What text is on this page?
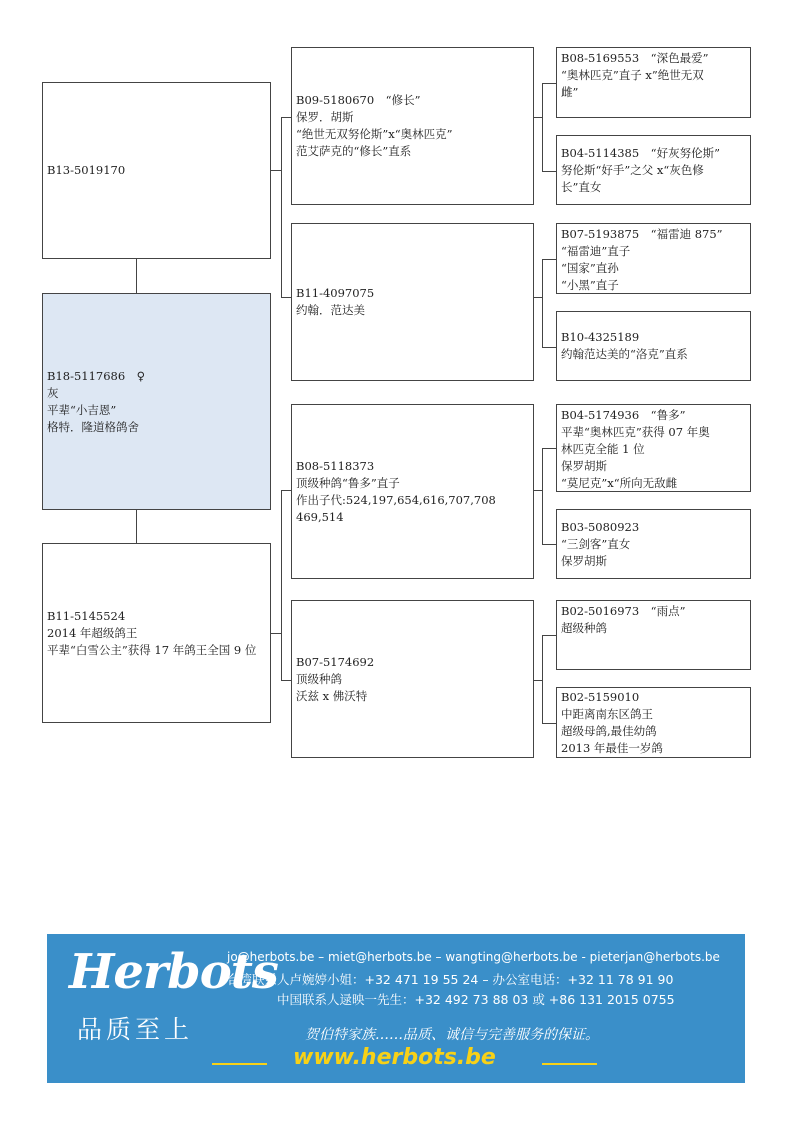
B13-5019170
B18-5117686　♀
灰
平辈“小吉恩”
格特．隆道格鸽舍
B11-5145524
2014 年超级鸽王
平辈“白雪公主”获得 17 年鸽王全国 9 位
B09-5180670　“修长”
保罗．胡斯
“绝世无双努伦斯”x“奥林匹克”
范艾萨克的“修长”直系
B11-4097075
约翰．范达美
B08-5118373
顶级种鸽“鲁多”直子
作出子代:524,197,654,616,707,708
469,514
B07-5174692
顶级种鸽
沃兹 x 佛沃特
B08-5169553　“深色最爱”
“奥林匹克”直子 x”绝世无双
雌”
B04-5114385　“好灰努伦斯”
努伦斯“好手”之父 x“灰色修
长”直女
B07-5193875　“福雷迪 875”
“福雷迪”直子
“国家”直孙
“小黑”直子
B10-4325189
约翰范达美的“洛克”直系
B04-5174936　“鲁多”
平辈“奥林匹克”获得 07 年奥
林匹克全能 1 位
保罗胡斯
“莫尼克”x“所向无敌雌
B03-5080923
“三剑客”直女
保罗胡斯
B02-5016973　“雨点”
超级种鸽
B02-5159010
中距离南东区鸽王
超级母鸽,最佳幼鸽
2013 年最佳一岁鸽
Herbots
品质至上
jo@herbots.be – miet@herbots.be – wangting@herbots.be - pieterjan@herbots.be
台湾联系人卢婉婷小姐：+32 471 19 55 24 – 办公室电话：+32 11 78 91 90
中国联系人逯映一先生：+32 492 73 88 03 或 +86 131 2015 0755
贺伯特家族……品质、诚信与完善服务的保证。
www.herbots.be
